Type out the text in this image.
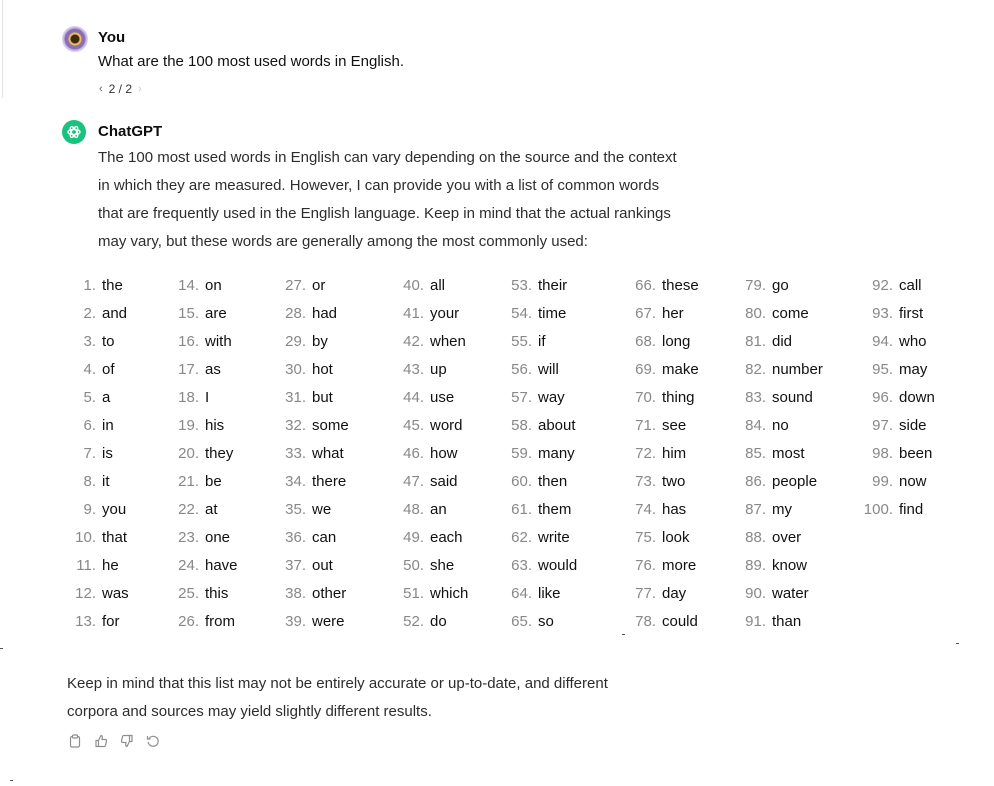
You
What are the 100 most used words in English.
‹ 2 / 2 ›
ChatGPT

The 100 most used words in English can vary depending on the source and the context

in which they are measured. However, I can provide you with a list of common words

that are frequently used in the English language. Keep in mind that the actual rankings

may vary, but these words are generally among the most commonly used:

1. the
2. and
3. to
4. of
5. a
6. in
7. is
8. it
9. you
10. that
11. he
12. was
13. for
14. on
15. are
16. with
17. as
18. I
19. his
20. they
21. be
22. at
23. one
24. have
25. this
26. from
27. or
28. had
29. by
30. hot
31. but
32. some
33. what
34. there
35. we
36. can
37. out
38. other
39. were
40. all
41. your
42. when
43. up
44. use
45. word
46. how
47. said
48. an
49. each
50. she
51. which
52. do
53. their
54. time
55. if
56. will
57. way
58. about
59. many
60. then
61. them
62. write
63. would
64. like
65. so
66. these
67. her
68. long
69. make
70. thing
71. see
72. him
73. two
74. has
75. look
76. more
77. day
78. could
79. go
80. come
81. did
82. number
83. sound
84. no
85. most
86. people
87. my
88. over
89. know
90. water
91. than
92. call
93. first
94. who
95. may
96. down
97. side
98. been
99. now
100. find

Keep in mind that this list may not be entirely accurate or up-to-date, and different

corpora and sources may yield slightly different results.
